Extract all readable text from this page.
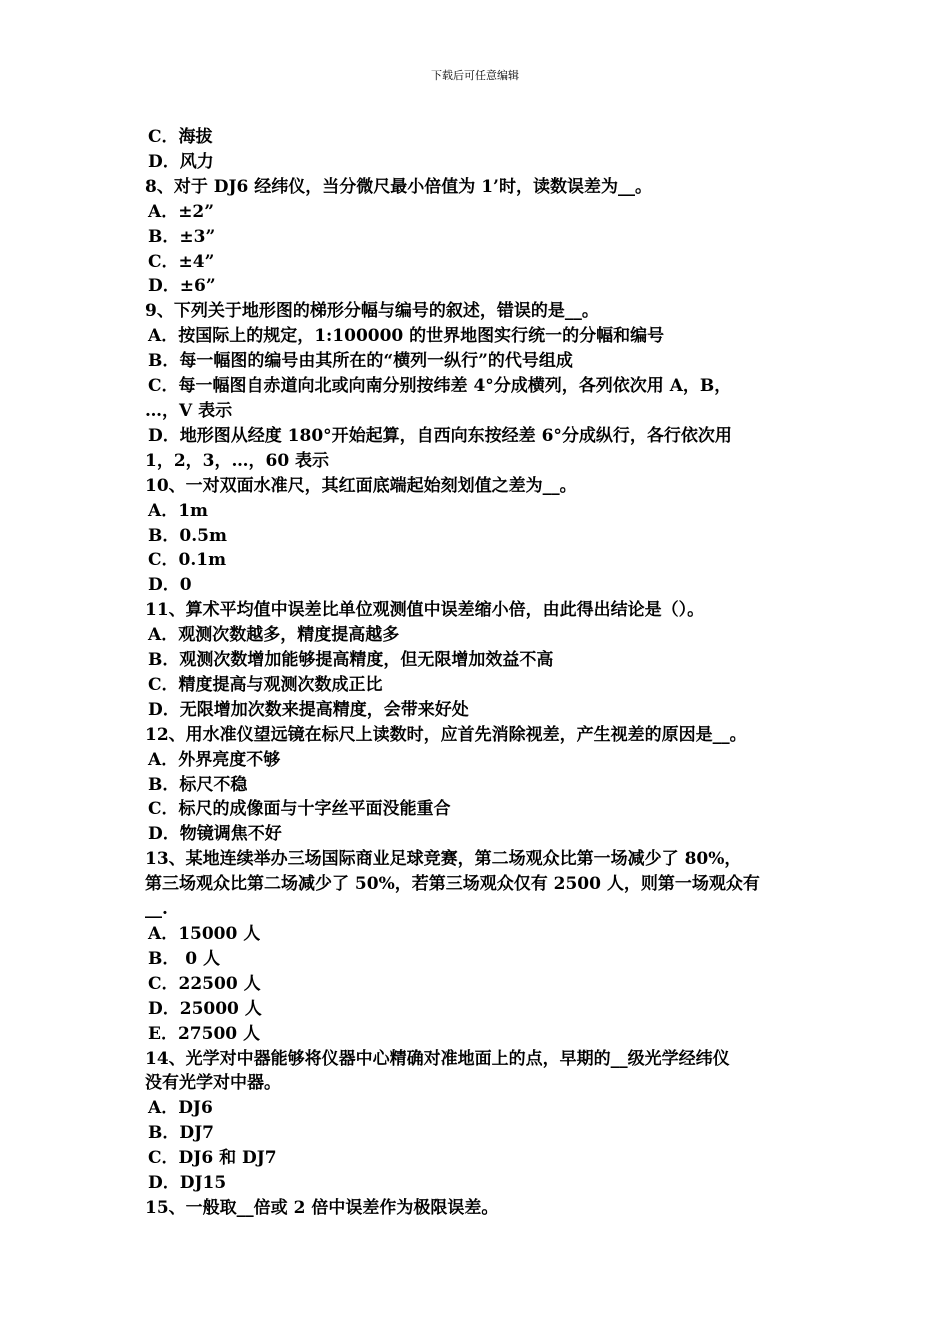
下载后可任意编辑
C．海拔
D．风力
8、对于 DJ6 经纬仪，当分微尺最小倍值为 1’时，读数误差为__。
A．±2”
B．±3”
C．±4”
D．±6”
9、下列关于地形图的梯形分幅与编号的叙述，错误的是__。
A．按国际上的规定，1:100000 的世界地图实行统一的分幅和编号
B．每一幅图的编号由其所在的“横列一纵行”的代号组成
C．每一幅图自赤道向北或向南分别按纬差 4°分成横列，各列依次用 A，B，
…，V 表示
D．地形图从经度 180°开始起算，自西向东按经差 6°分成纵行，各行依次用
1，2，3，…，60 表示
10、一对双面水准尺，其红面底端起始刻划值之差为__。
A．1m
B．0.5m
C．0.1m
D．0
11、算术平均值中误差比单位观测值中误差缩小倍，由此得出结论是（）。
A．观测次数越多，精度提高越多
B．观测次数增加能够提高精度，但无限增加效益不高
C．精度提高与观测次数成正比
D．无限增加次数来提高精度，会带来好处
12、用水准仪望远镜在标尺上读数时，应首先消除视差，产生视差的原因是__。
A．外界亮度不够
B．标尺不稳
C．标尺的成像面与十字丝平面没能重合
D．物镜调焦不好
13、某地连续举办三场国际商业足球竞赛，第二场观众比第一场减少了 80%，
第三场观众比第二场减少了 50%，若第三场观众仅有 2500 人，则第一场观众有
__.
A．15000 人
B． 0 人
C．22500 人
D．25000 人
E．27500 人
14、光学对中器能够将仪器中心精确对准地面上的点，早期的__级光学经纬仪
没有光学对中器。
A．DJ6
B．DJ7
C．DJ6 和 DJ7
D．DJ15
15、一般取__倍或 2 倍中误差作为极限误差。
